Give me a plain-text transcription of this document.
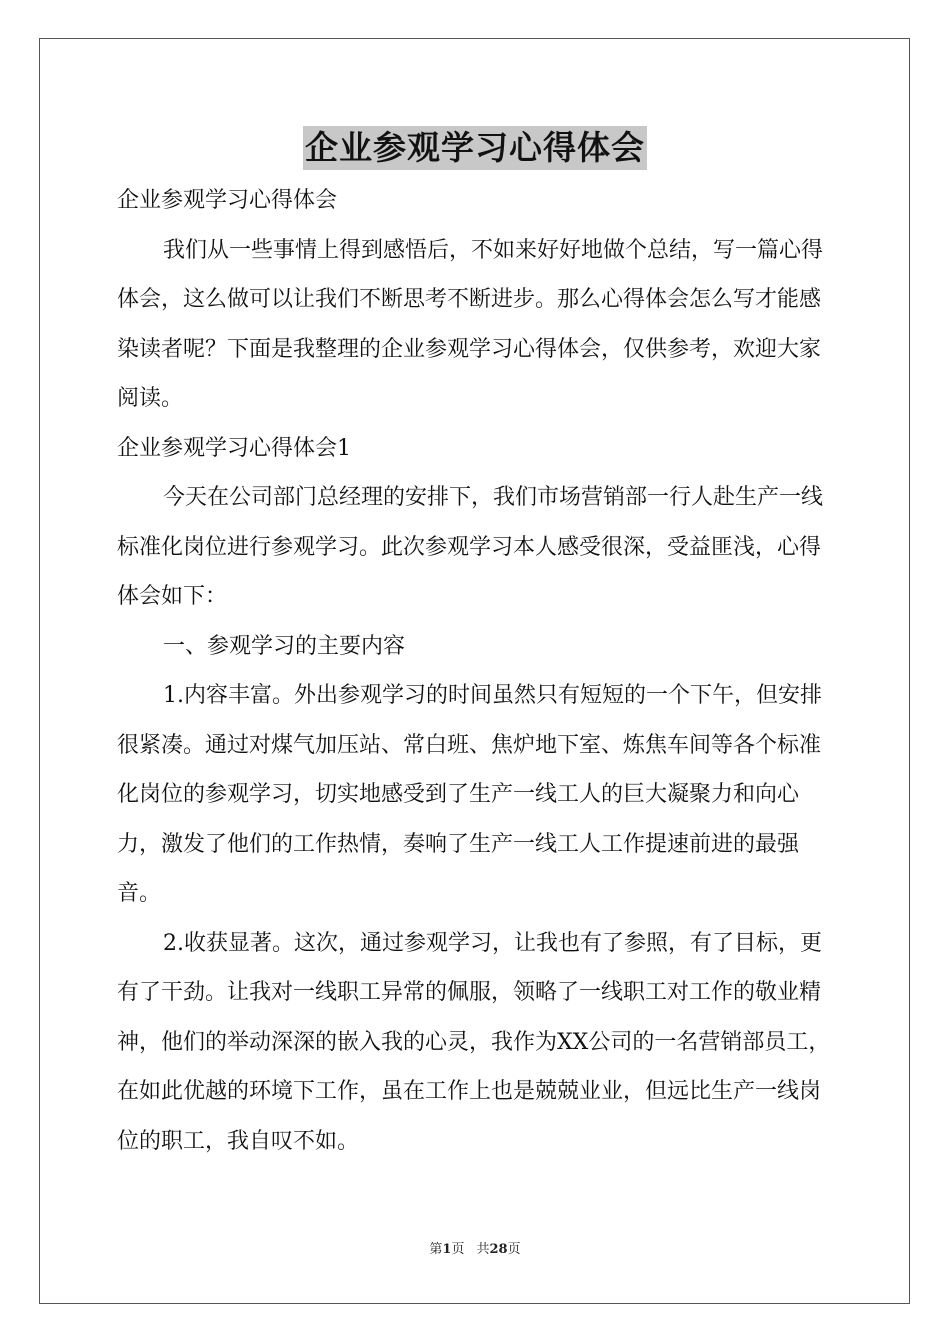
企业参观学习心得体会

企业参观学习心得体会

我们从一些事情上得到感悟后，不如来好好地做个总结，写一篇心得体会，这么做可以让我们不断思考不断进步。那么心得体会怎么写才能感染读者呢？下面是我整理的企业参观学习心得体会，仅供参考，欢迎大家阅读。

企业参观学习心得体会1

今天在公司部门总经理的安排下，我们市场营销部一行人赴生产一线标准化岗位进行参观学习。此次参观学习本人感受很深，受益匪浅，心得体会如下：

一、参观学习的主要内容

1.内容丰富。外出参观学习的时间虽然只有短短的一个下午，但安排很紧凑。通过对煤气加压站、常白班、焦炉地下室、炼焦车间等各个标准化岗位的参观学习，切实地感受到了生产一线工人的巨大凝聚力和向心力，激发了他们的工作热情，奏响了生产一线工人工作提速前进的最强音。

2.收获显著。这次，通过参观学习，让我也有了参照，有了目标，更有了干劲。让我对一线职工异常的佩服，领略了一线职工对工作的敬业精神，他们的举动深深的嵌入我的心灵，我作为XX公司的一名营销部员工，在如此优越的环境下工作，虽在工作上也是兢兢业业，但远比生产一线岗位的职工，我自叹不如。

第1页 共28页
